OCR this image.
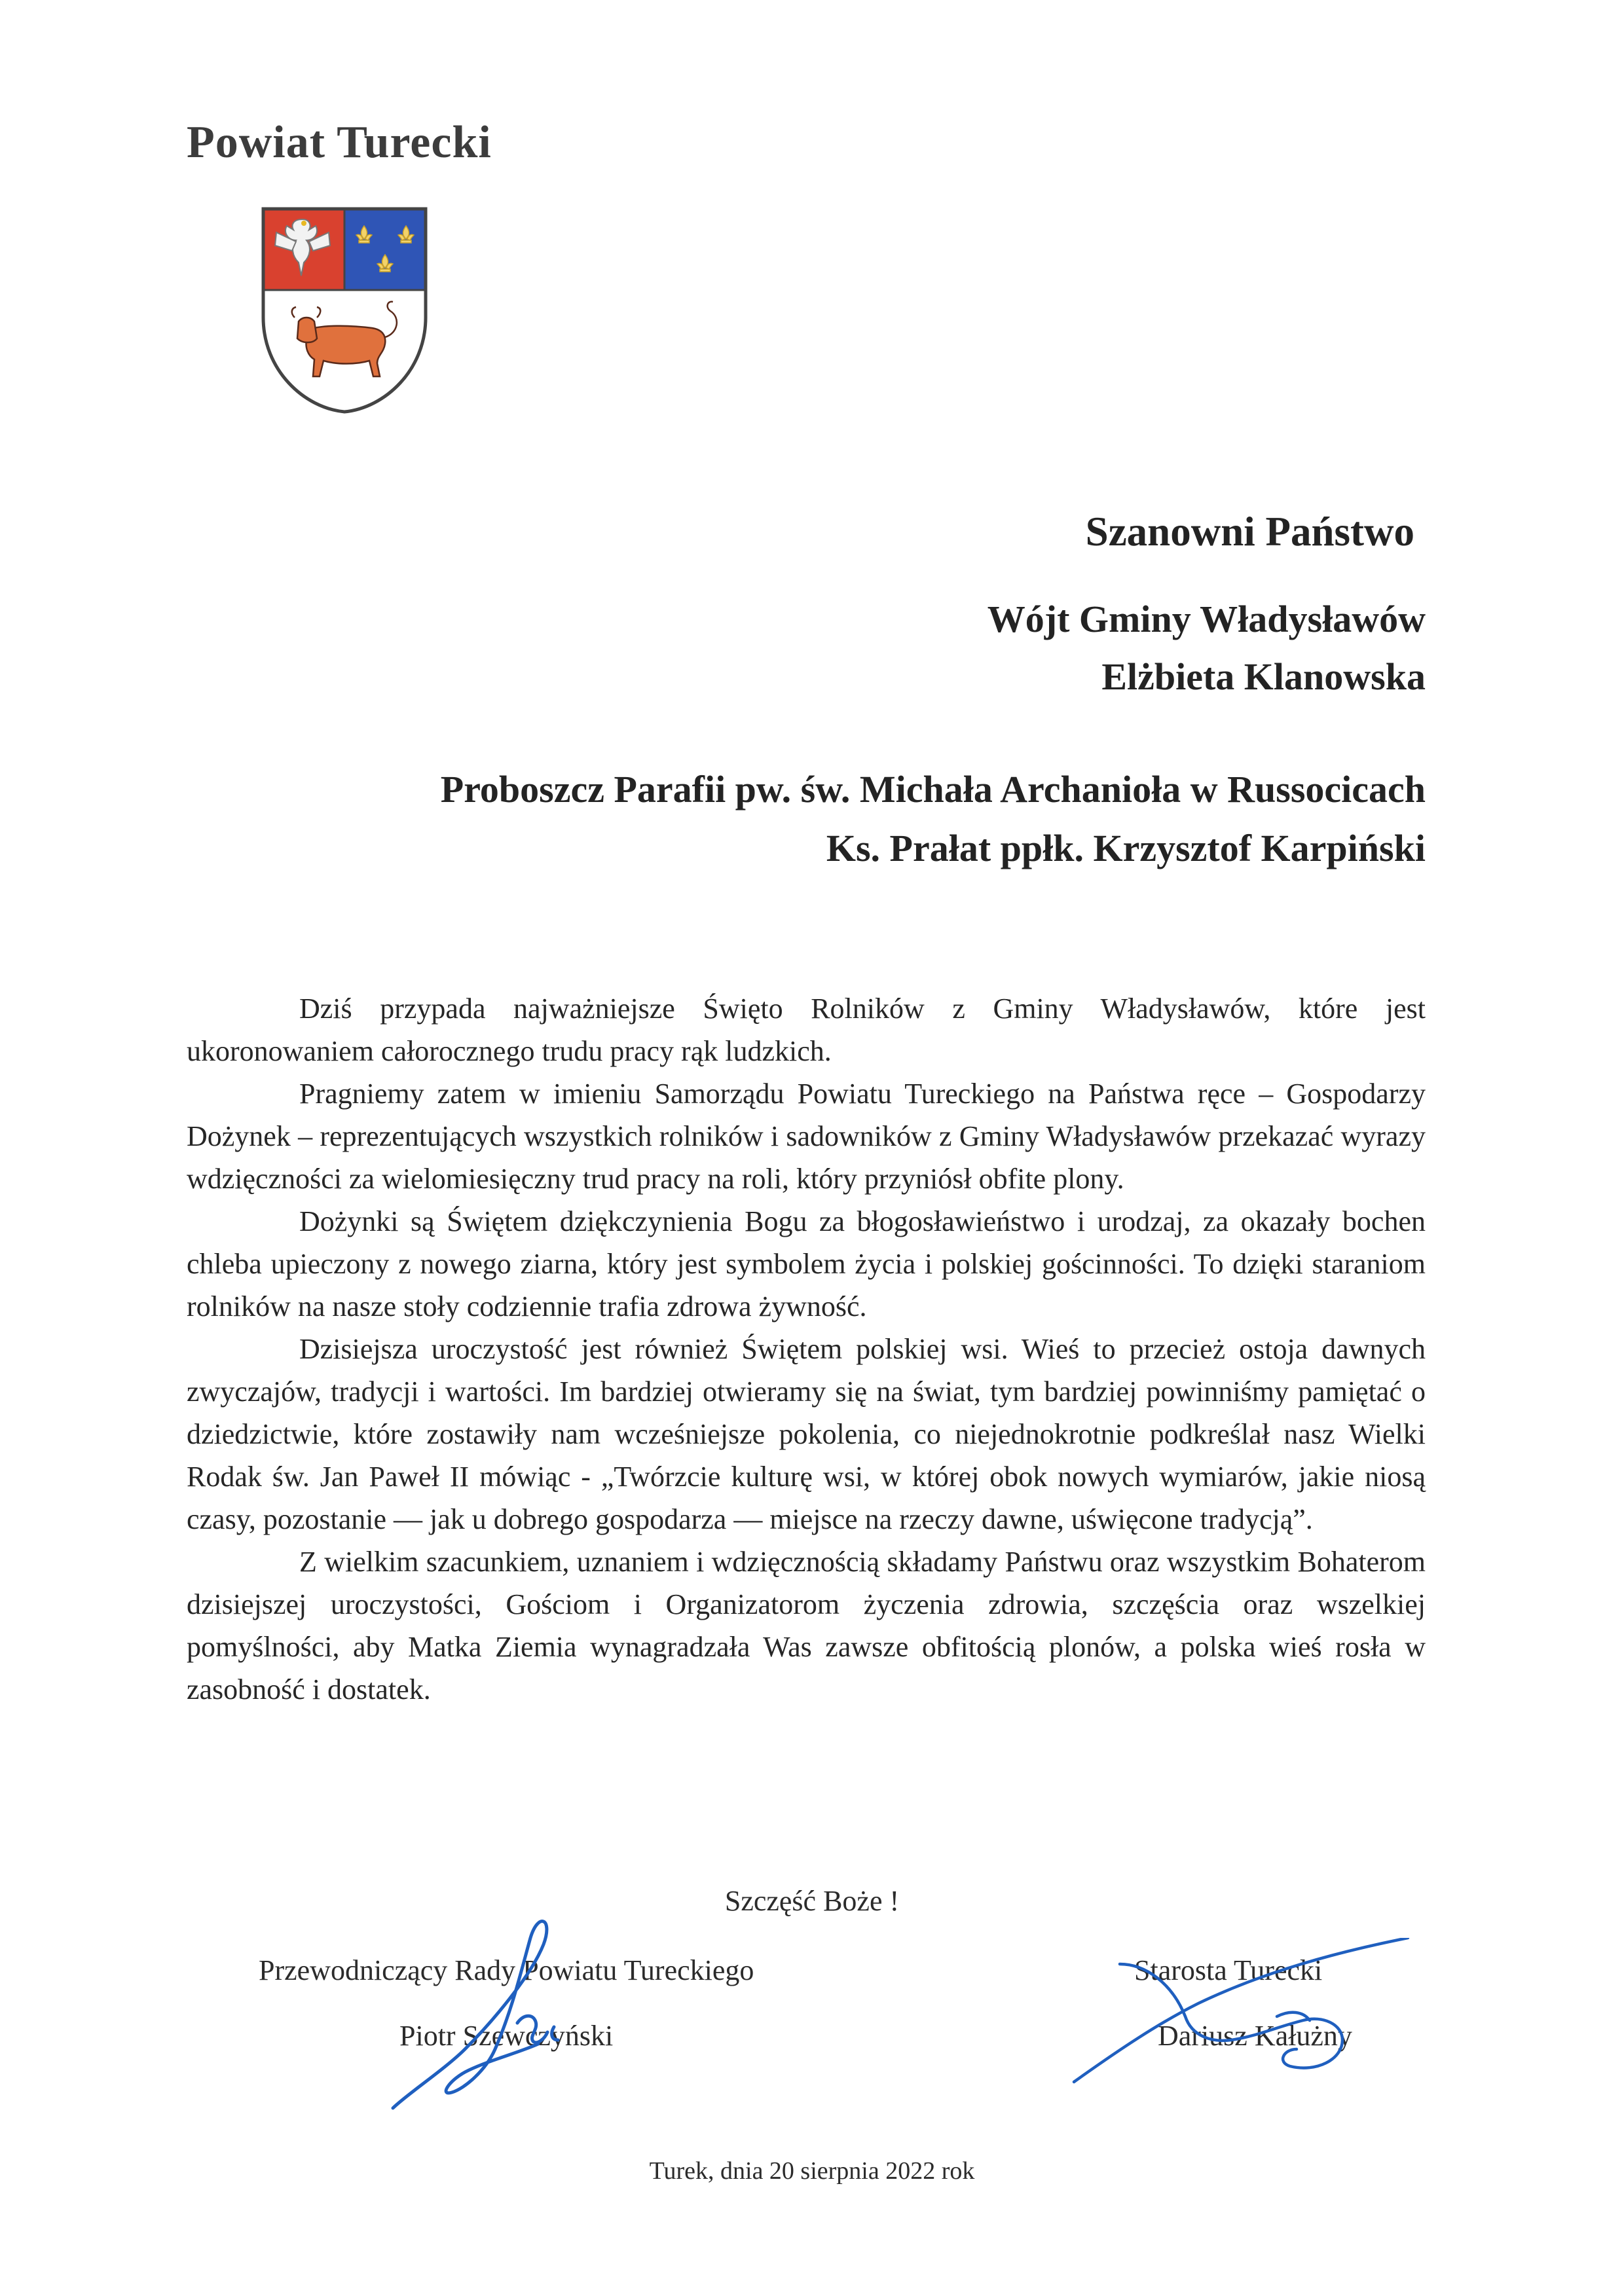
Powiat Turecki
Szanowni Państwo
Wójt Gminy Władysławów
Elżbieta Klanowska
Proboszcz Parafii pw. św. Michała Archanioła w Russocicach
Ks. Prałat ppłk. Krzysztof Karpiński

Dziś przypada najważniejsze Święto Rolników z Gminy Władysławów, które jest ukoronowaniem całorocznego trudu pracy rąk ludzkich.

Pragniemy zatem w imieniu Samorządu Powiatu Tureckiego na Państwa ręce – Gospodarzy Dożynek – reprezentujących wszystkich rolników i sadowników z Gminy Władysławów przekazać wyrazy wdzięczności za wielomiesięczny trud pracy na roli, który przyniósł obfite plony.

Dożynki są Świętem dziękczynienia Bogu za błogosławieństwo i urodzaj, za okazały bochen chleba upieczony z nowego ziarna, który jest symbolem życia i polskiej gościnności. To dzięki staraniom rolników na nasze stoły codziennie trafia zdrowa żywność.

Dzisiejsza uroczystość jest również Świętem polskiej wsi. Wieś to przecież ostoja dawnych zwyczajów, tradycji i wartości. Im bardziej otwieramy się na świat, tym bardziej powinniśmy pamiętać o dziedzictwie, które zostawiły nam wcześniejsze pokolenia, co niejednokrotnie podkreślał nasz Wielki Rodak św. Jan Paweł II mówiąc - „Twórzcie kulturę wsi, w której obok nowych wymiarów, jakie niosą czasy, pozostanie — jak u dobrego gospodarza — miejsce na rzeczy dawne, uświęcone tradycją”.

Z wielkim szacunkiem, uznaniem i wdzięcznością składamy Państwu oraz wszystkim Bohaterom dzisiejszej uroczystości, Gościom i Organizatorom życzenia zdrowia, szczęścia oraz wszelkiej pomyślności, aby Matka Ziemia wynagradzała Was zawsze obfitością plonów, a polska wieś rosła w zasobność i dostatek.

Szczęść Boże !
Przewodniczący Rady Powiatu Tureckiego
Piotr Szewczyński
Starosta Turecki
Dariusz Kałużny
Turek, dnia 20 sierpnia 2022 rok
